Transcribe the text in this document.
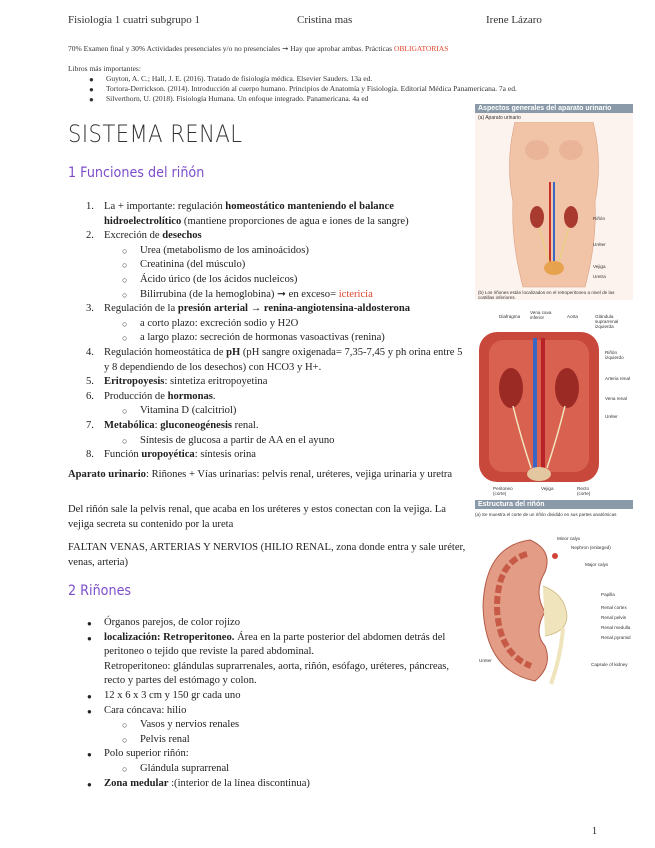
Fisiología 1 cuatri subgrupo 1	Cristina mas	Irene Lázaro
70% Examen final y 30% Actividades presenciales y/o no presenciales ➞ Hay que aprobar ambas. Prácticas OBLIGATORIAS
Libros más importantes:
● Guyton, A. C.; Hall, J. E. (2016). Tratado de fisiología médica. Elsevier Sauders. 13a ed.
● Tortora-Derrickson. (2014). Introducción al cuerpo humano. Principios de Anatomía y Fisiología. Editorial Médica Panamericana. 7a ed.
● Silverthorn, U. (2018). Fisiología Humana. Un enfoque integrado. Panamericana. 4a ed
SISTEMA RENAL
1 Funciones del riñón
1. La + importante: regulación homeostático manteniendo el balance hidroelectrolítico (mantiene proporciones de agua e iones de la sangre)
2. Excreción de desechos
○ Urea (metabolismo de los aminoácidos)
○ Creatinina (del músculo)
○ Ácido úrico (de los ácidos nucleicos)
○ Bilirrubina (de la hemoglobina) ➞ en exceso= ictericia
3. Regulación de la presión arterial → renina-angiotensina-aldosterona
○ a corto plazo: excreción sodio y H2O
○ a largo plazo: secreción de hormonas vasoactivas (renina)
4. Regulación homeostática de pH (pH sangre oxigenada= 7,35-7,45 y ph orina entre 5 y 8 dependiendo de los desechos) con HCO3 y H+.
5. Eritropoyesis: sintetiza eritropoyetina
6. Producción de hormonas.
○ Vitamina D (calcitriol)
7. Metabólica: gluconeogénesis renal.
○ Síntesis de glucosa a partir de AA en el ayuno
8. Función uropoyética: síntesis orina
Aparato urinario: Riñones + Vías urinarias: pelvis renal, uréteres, vejiga urinaria y uretra
Del riñón sale la pelvis renal, que acaba en los uréteres y estos conectan con la vejiga. La vejiga secreta su contenido por la ureta
FALTAN VENAS, ARTERIAS Y NERVIOS (HILIO RENAL, zona donde entra y sale uréter, venas, arteria)
2 Riñones
● Órganos parejos, de color rojizo
● localización: Retroperitoneo. Área en la parte posterior del abdomen detrás del peritoneo o tejido que reviste la pared abdominal.
Retroperitoneo: glándulas suprarrenales, aorta, riñón, esófago, uréteres, páncreas, recto y partes del estómago y colon.
● 12 x 6 x 3 cm y 150 gr cada uno
● Cara cóncava: hilio
○ Vasos y nervios renales
○ Pelvis renal
● Polo superior riñón:
○ Glándula suprarrenal
● Zona medular :(interior de la línea discontinua)
Aspectos generales del aparato urinario
(a) Aparato urinario
Riñón
Uréter
Vejiga
Uretra
(b) Los riñones están localizados en el retroperitoneo a nivel de las costillas inferiores.
Diafragma
Vena cava inferior	Aorta	Glándula suprarrenal izquierda
Riñón izquierdo
Arteria renal
Vena renal
Uréter
Peritoneo (corte)
Vejiga	Recto (corte)
Estructura del riñón
(a) Se muestra el corte de un riñón dividido en sus partes anatómicas
Minor calyx
Nephron (enlarged)
Major calyx
Papilla
Renal cortex
Renal pelvis
Renal medulla
Renal pyramid
Capsule of kidney
Ureter
1
